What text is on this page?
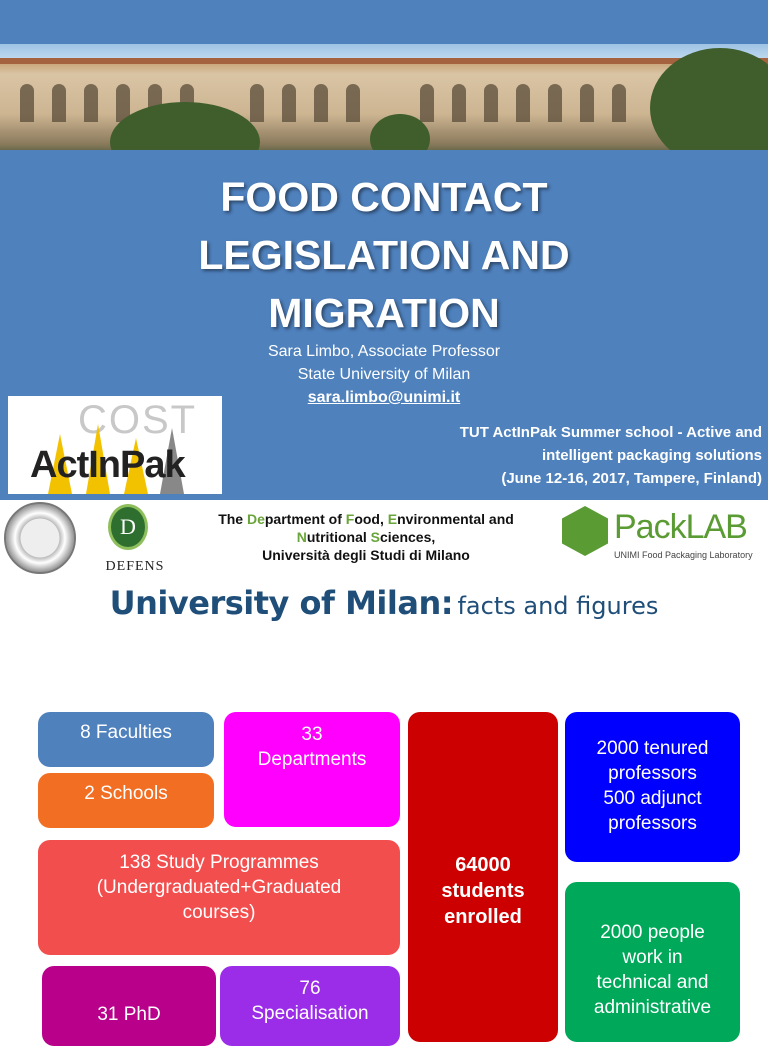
FOOD CONTACT
LEGISLATION AND
MIGRATION
Sara Limbo, Associate Professor
State University of Milan
sara.limbo@unimi.it
COST
ActInPak
TUT ActInPak Summer school - Active and
intelligent packaging solutions
(June 12-16, 2017, Tampere, Finland)
D
DEFENS
The Department of Food, Environmental and
Nutritional Sciences,
Università degli Studi di Milano
PackLAB
UNIMI Food Packaging Laboratory
University of Milan: facts and figures
8 Faculties
2 Schools
33
Departments
64000
students
enrolled
2000 tenured
professors
500 adjunct
professors
138 Study Programmes
(Undergraduated+Graduated
courses)
31 PhD
76
Specialisation
2000 people
work in
technical and
administrative
